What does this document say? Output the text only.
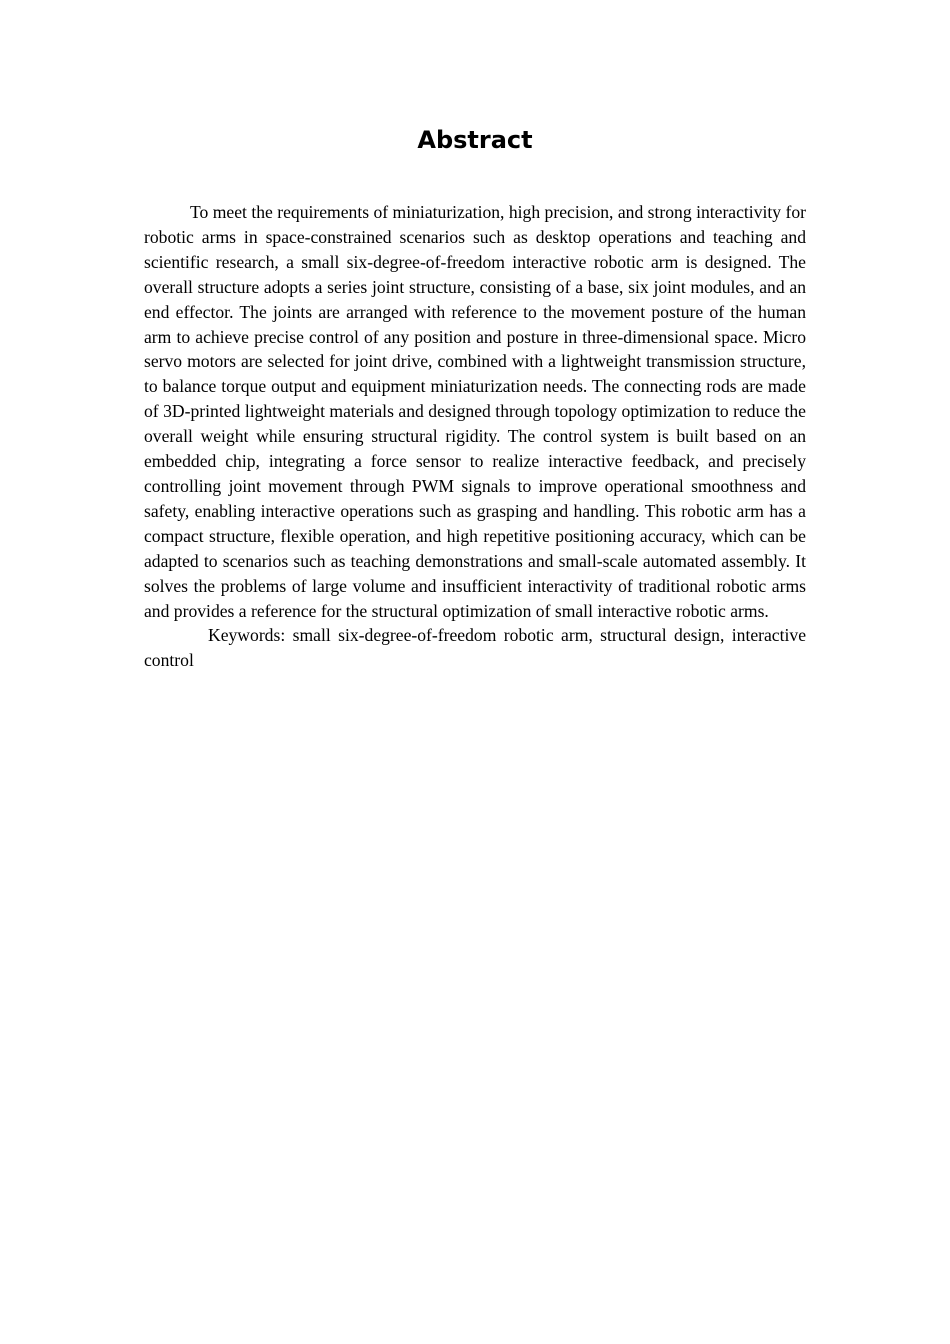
Abstract

To meet the requirements of miniaturization, high precision, and strong interactivity for robotic arms in space-constrained scenarios such as desktop operations and teaching and scientific research, a small six-degree-of-freedom interactive robotic arm is designed. The overall structure adopts a series joint structure, consisting of a base, six joint modules, and an end effector. The joints are arranged with reference to the movement posture of the human arm to achieve precise control of any position and posture in three-dimensional space. Micro servo motors are selected for joint drive, combined with a lightweight transmission structure, to balance torque output and equipment miniaturization needs. The connecting rods are made of 3D-printed lightweight materials and designed through topology optimization to reduce the overall weight while ensuring structural rigidity. The control system is built based on an embedded chip, integrating a force sensor to realize interactive feedback, and precisely controlling joint movement through PWM signals to improve operational smoothness and safety, enabling interactive operations such as grasping and handling. This robotic arm has a compact structure, flexible operation, and high repetitive positioning accuracy, which can be adapted to scenarios such as teaching demonstrations and small-scale automated assembly. It solves the problems of large volume and insufficient interactivity of traditional robotic arms and provides a reference for the structural optimization of small interactive robotic arms.

Keywords: small six-degree-of-freedom robotic arm, structural design, interactive control
